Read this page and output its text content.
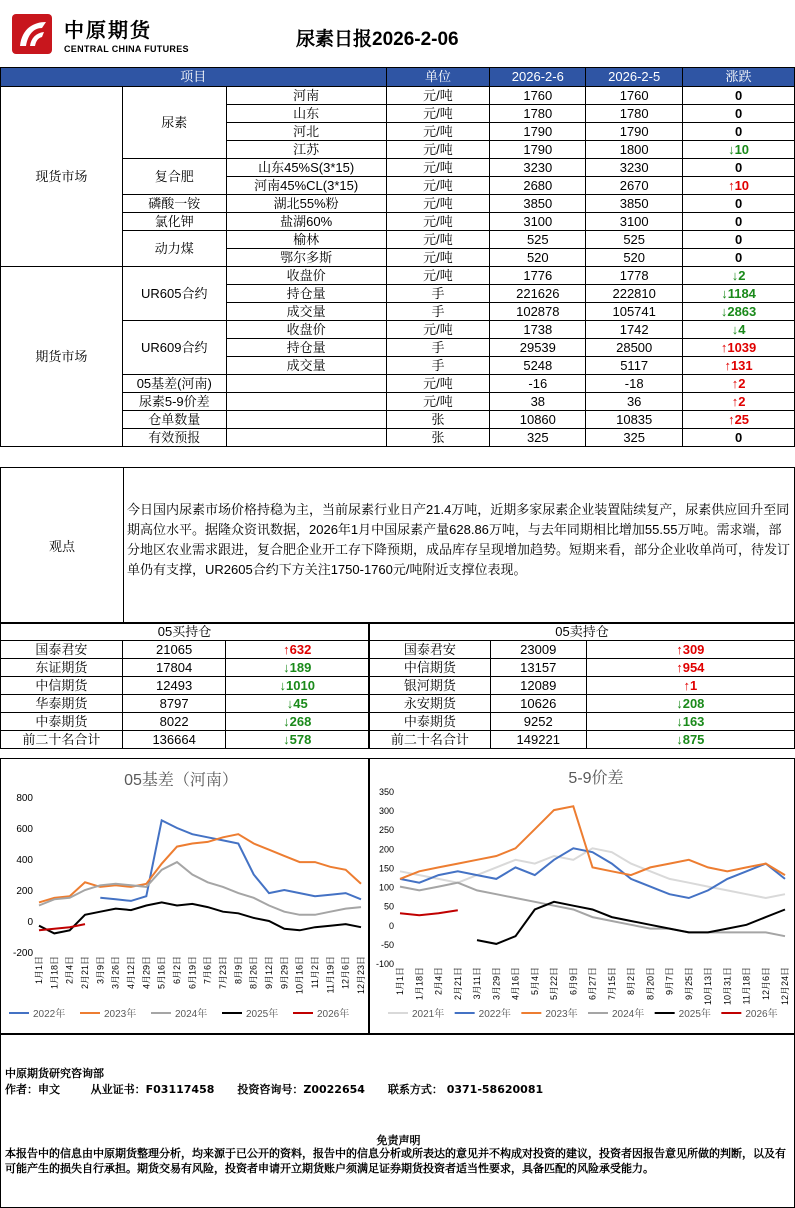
中原期货
CENTRAL CHINA FUTURES	尿素日报2026-2-06
项目			单位	2026-2-6	2026-2-5	涨跌
现货市场	尿素	河南	元/吨	1760	1760	0
		山东	元/吨	1780	1780	0
		河北	元/吨	1790	1790	0
		江苏	元/吨	1790	1800	↓10
	复合肥	山东45%S(3*15)	元/吨	3230	3230	0
		河南45%CL(3*15)	元/吨	2680	2670	↑10
	磷酸一铵	湖北55%粉	元/吨	3850	3850	0
	氯化钾	盐湖60%	元/吨	3100	3100	0
	动力煤	榆林	元/吨	525	525	0
		鄂尔多斯	元/吨	520	520	0
期货市场	UR605合约	收盘价	元/吨	1776	1778	↓2
		持仓量	手	221626	222810	↓1184
		成交量	手	102878	105741	↓2863
	UR609合约	收盘价	元/吨	1738	1742	↓4
		持仓量	手	29539	28500	↑1039
		成交量	手	5248	5117	↑131
	05基差(河南)		元/吨	-16	-18	↑2
	尿素5-9价差		元/吨	38	36	↑2
	仓单数量		张	10860	10835	↑25
	有效预报		张	325	325	0
观点
今日国内尿素市场价格持稳为主，当前尿素行业日产21.4万吨，近期多家尿素企业装置陆续复产，尿素供应回升至同期高位水平。据隆众资讯数据，2026年1月中国尿素产量628.86万吨，与去年同期相比增加55.55万吨。需求端，部分地区农业需求跟进，复合肥企业开工存下降预期，成品库存呈现增加趋势。短期来看，部分企业收单尚可，待发订单仍有支撑，UR2605合约下方关注1750-1760元/吨附近支撑位表现。
05买持仓		
国泰君安	21065	↑632
东证期货	17804	↓189
中信期货	12493	↓1010
华泰期货	8797	↓45
中泰期货	8022	↓268
前二十名合计	136664	↓578
05卖持仓		
国泰君安	23009	↑309
中信期货	13157	↑954
银河期货	12089	↑1
永安期货	10626	↓208
中泰期货	9252	↓163
前二十名合计	149221	↓875
05基差（河南）
800
600
400
200
0
-200
1月1日 1月18日 2月4日 2月21日 3月9日 3月26日 4月12日 4月29日 5月16日 6月2日 6月19日 7月6日 7月23日 8月9日 8月26日 9月12日 9月29日 10月16日 11月2日 11月19日 12月6日 12月23日
2022年	2023年	2024年	2025年	2026年
5-9价差
350
300
250
200
150
100
50
0
-50
-100
1月1日 1月18日 2月4日 2月21日 3月11日 3月29日 4月16日 5月4日 5月22日 6月9日 6月27日 7月15日 8月2日 8月20日 9月7日 9月25日 10月13日 10月31日 11月18日 12月6日 12月24日
2021年	2022年	2023年	2024年	2025年	2026年
中原期货研究咨询部
作者：申文        从业证书：F03117458      投资咨询号：Z0022654      联系方式： 0371-58620081
免责声明
本报告中的信息由中原期货整理分析，均来源于已公开的资料，报告中的信息分析或所表达的意见并不构成对投资的建议，投资者因报告意见所做的判断，以及有可能产生的损失自行承担。期货交易有风险，投资者申请开立期货账户须满足证券期货投资者适当性要求，具备匹配的风险承受能力。
